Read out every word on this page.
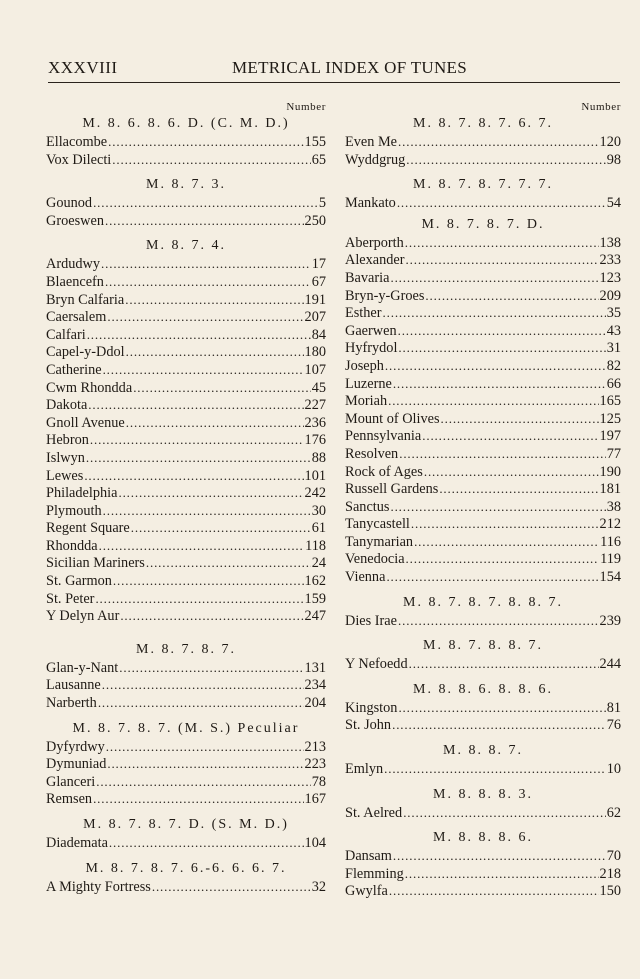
XXXVIII	METRICAL INDEX OF TUNES
Number
M. 8. 6. 8. 6. D. (C. M. D.)
Ellacombe . . .	155
Vox Dilecti . . .	65
M. 8. 7. 3.
Gounod . . .	5
Groeswen . . .	250
M. 8. 7. 4.
Ardudwy . . .	17
Blaencefn . . .	67
Bryn Calfaria . . .	191
Caersalem . . .	207
Calfari . . .	84
Capel-y-Ddol . . .	180
Catherine . . .	107
Cwm Rhondda . . .	45
Dakota . . .	227
Gnoll Avenue . . .	236
Hebron . . .	176
Islwyn . . .	88
Lewes . . .	101
Philadelphia . . .	242
Plymouth . . .	30
Regent Square . . .	61
Rhondda . . .	118
Sicilian Mariners . . .	24
St. Garmon . . .	162
St. Peter . . .	159
Y Delyn Aur . . .	247
M. 8. 7. 8. 7.
Glan-y-Nant . . .	131
Lausanne . . .	234
Narberth . . .	204
M. 8. 7. 8. 7. (M. S.) Peculiar
Dyfyrdwy . . .	213
Dymuniad . . .	223
Glanceri . . .	78
Remsen . . .	167
M. 8. 7. 8. 7. D. (S. M. D.)
Diademata . . .	104
M. 8. 7. 8. 7. 6.-6. 6. 6. 7.
A Mighty Fortress . . .	32
Number
M. 8. 7. 8. 7. 6. 7.
Even Me . . .	120
Wyddgrug . . .	98
M. 8. 7. 8. 7. 7. 7.
Mankato . . .	54
M. 8. 7. 8. 7. D.
Aberporth . . .	138
Alexander . . .	233
Bavaria . . .	123
Bryn-y-Groes . . .	209
Esther . . .	35
Gaerwen . . .	43
Hyfrydol . . .	31
Joseph . . .	82
Luzerne . . .	66
Moriah . . .	165
Mount of Olives . . .	125
Pennsylvania . . .	197
Resolven . . .	77
Rock of Ages . . .	190
Russell Gardens . . .	181
Sanctus . . .	38
Tanycastell . . .	212
Tanymarian . . .	116
Venedocia . . .	119
Vienna . . .	154
M. 8. 7. 8. 7. 8. 8. 7.
Dies Irae . . .	239
M. 8. 7. 8. 8. 7.
Y Nefoedd . . .	244
M. 8. 8. 6. 8. 8. 6.
Kingston . . .	81
St. John . . .	76
M. 8. 8. 7.
Emlyn . . .	10
M. 8. 8. 8. 3.
St. Aelred . . .	62
M. 8. 8. 8. 6.
Dansam . . .	70
Flemming . . .	218
Gwylfa . . .	150
